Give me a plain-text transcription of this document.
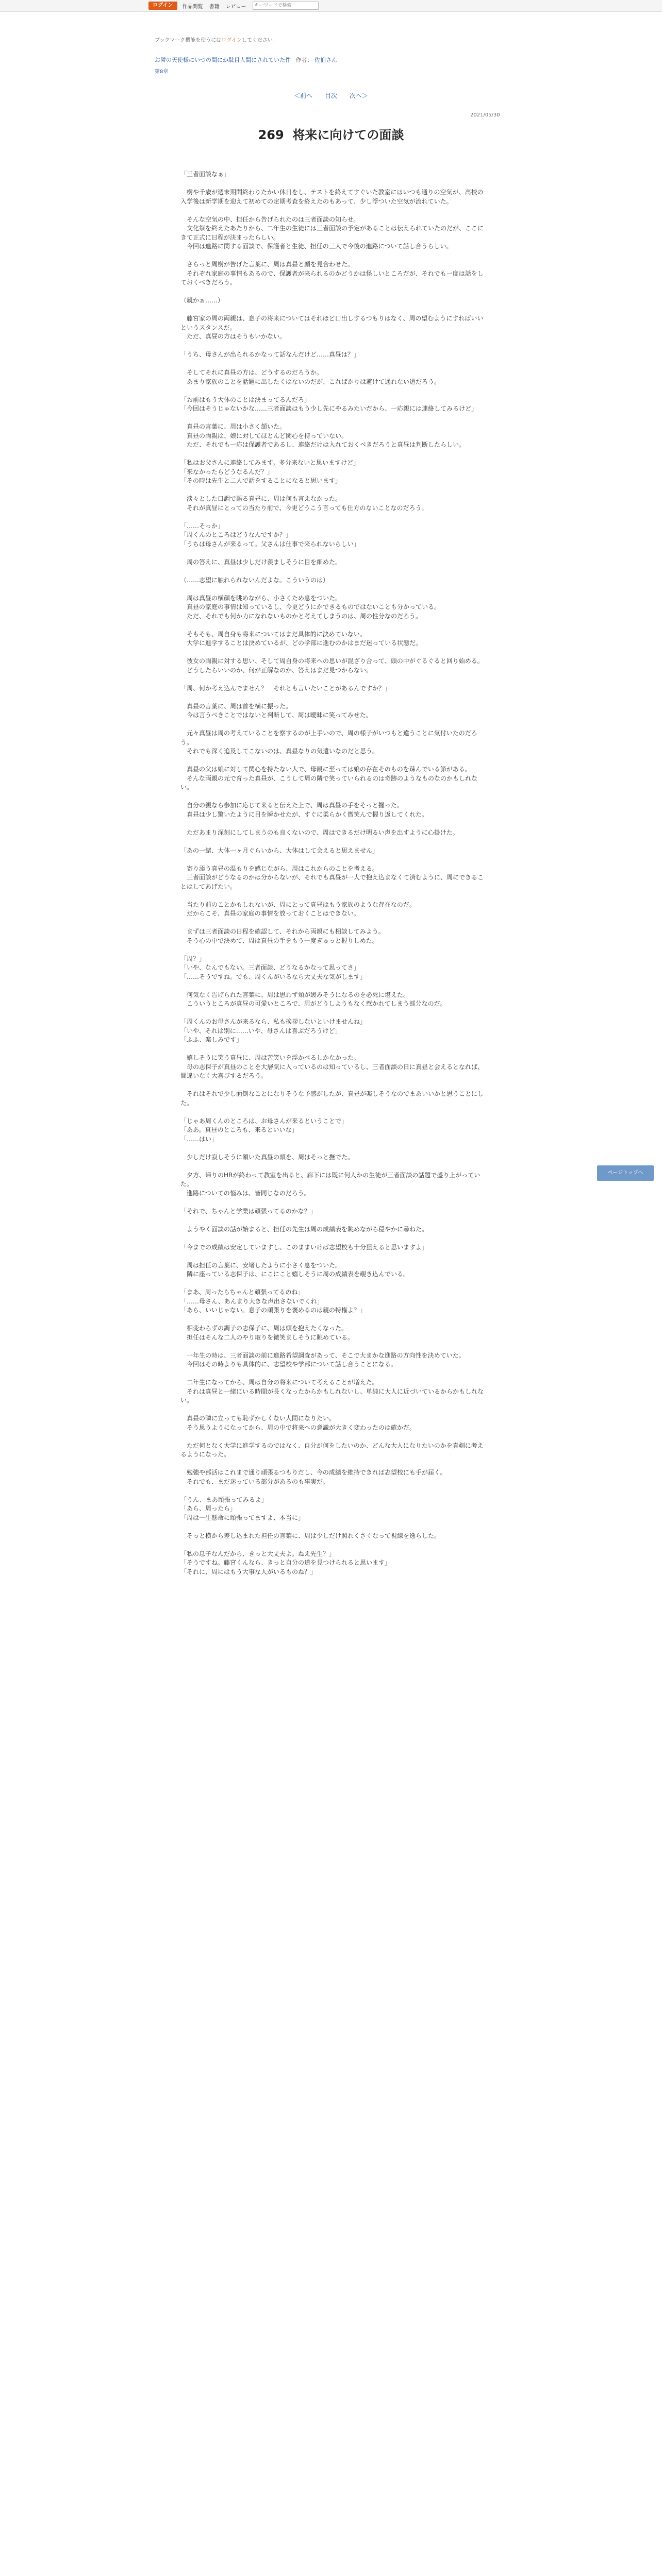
ログイン	作品閲覧 書籍 レビュー
キーワードで検索
ブックマーク機能を使うにはログインしてください。
お隣の天使様にいつの間にか駄目人間にされていた件 作者： 佐伯さん
第8章
＜前へ 目次 次へ＞
2021/05/30
269 将来に向けての面談

「三者面談なぁ」

　樹や千歳が週末期間終わりたかい休日をし、テストを終えてすぐいた教室にはいつも通りの空気が、高校の入学後は新学期を迎えて初めての定期考査を終えたのもあって、少し浮ついた空気が流れていた。

　そんな空気の中、担任から告げられたのは三者面談の知らせ。
　文化祭を終えたあたりから、二年生の生徒には三者面談の予定があることは伝えられていたのだが、ここにきて正式に日程が決まったらしい。
　今回は進路に関する面談で、保護者と生徒、担任の三人で今後の進路について話し合うらしい。

　さらっと周樹が告げた言葉に、周は真昼と顔を見合わせた。
　それぞれ家庭の事情もあるので、保護者が来られるのかどうかは怪しいところだが、それでも一度は話をしておくべきだろう。

（親かぁ……）

　藤宮家の周の両親は、息子の将来についてはそれほど口出しするつもりはなく、周の望むようにすればいいというスタンスだ。
　ただ、真昼の方はそうもいかない。

「うち、母さんが出られるかなって話なんだけど……真昼は？」

　そしてそれに真昼の方は、どうするのだろうか。
　あまり家族のことを話題に出したくはないのだが、こればかりは避けて通れない道だろう。

「お前はもう大体のことは決まってるんだろ」
「今回はそうじゃないかな……三者面談はもう少し先にやるみたいだから、一応親には連絡してみるけど」

　真昼の言葉に、周は小さく頷いた。
　真昼の両親は、娘に対してほとんど関心を持っていない。
　ただ、それでも一応は保護者であるし、連絡だけは入れておくべきだろうと真昼は判断したらしい。

「私はお父さんに連絡してみます。多分来ないと思いますけど」
「来なかったらどうなるんだ？」
「その時は先生と二人で話をすることになると思います」

　淡々とした口調で語る真昼に、周は何も言えなかった。
　それが真昼にとっての当たり前で、今更どうこう言っても仕方のないことなのだろう。

「……そっか」
「周くんのところはどうなんですか？」
「うちは母さんが来るって。父さんは仕事で来られないらしい」

　周の答えに、真昼は少しだけ羨ましそうに目を細めた。

（……志望に触れられないんだよな。こういうのは）

　周は真昼の横顔を眺めながら、小さくため息をついた。
　真昼の家庭の事情は知っているし、今更どうにかできるものではないことも分かっている。
　ただ、それでも何か力になれないものかと考えてしまうのは、周の性分なのだろう。

　そもそも、周自身も将来についてはまだ具体的に決めていない。
　大学に進学することは決めているが、どの学部に進むのかはまだ迷っている状態だ。

　彼女の両親に対する思い、そして周自身の将来への思いが混ざり合って、頭の中がぐるぐると回り始める。
　どうしたらいいのか、何が正解なのか、答えはまだ見つからない。

「周、何か考え込んでません？　それとも言いたいことがあるんですか？」

　真昼の言葉に、周は首を横に振った。
　今は言うべきことではないと判断して、周は曖昧に笑ってみせた。

　元々真昼は周の考えていることを察するのが上手いので、周の様子がいつもと違うことに気付いたのだろう。
　それでも深く追及してこないのは、真昼なりの気遣いなのだと思う。

　真昼の父は娘に対して関心を持たない人で、母親に至っては娘の存在そのものを疎んでいる節がある。
　そんな両親の元で育った真昼が、こうして周の隣で笑っていられるのは奇跡のようなものなのかもしれない。

　自分の親なら参加に応じて来ると伝えた上で、周は真昼の手をそっと握った。
　真昼は少し驚いたように目を瞬かせたが、すぐに柔らかく微笑んで握り返してくれた。

　ただあまり深刻にしてしまうのも良くないので、周はできるだけ明るい声を出すように心掛けた。

「あの一緒、大体一ヶ月ぐらいから、大体はして会えると思えません」

　寄り添う真昼の温もりを感じながら、周はこれからのことを考える。
　三者面談がどうなるのかは分からないが、それでも真昼が一人で抱え込まなくて済むように、周にできることはしてあげたい。

　当たり前のことかもしれないが、周にとって真昼はもう家族のような存在なのだ。
　だからこそ、真昼の家庭の事情を放っておくことはできない。

　まずは三者面談の日程を確認して、それから両親にも相談してみよう。
　そう心の中で決めて、周は真昼の手をもう一度ぎゅっと握りしめた。

「周？」
「いや、なんでもない。三者面談、どうなるかなって思ってさ」
「……そうですね。でも、周くんがいるなら大丈夫な気がします」

　何気なく告げられた言葉に、周は思わず頬が緩みそうになるのを必死に堪えた。
　こういうところが真昼の可愛いところで、周がどうしようもなく惹かれてしまう部分なのだ。

「周くんのお母さんが来るなら、私も挨拶しないといけませんね」
「いや、それは別に……いや、母さんは喜ぶだろうけど」
「ふふ、楽しみです」

　嬉しそうに笑う真昼に、周は苦笑いを浮かべるしかなかった。
　母の志保子が真昼のことを大層気に入っているのは知っているし、三者面談の日に真昼と会えるとなれば、間違いなく大喜びするだろう。

　それはそれで少し面倒なことになりそうな予感がしたが、真昼が楽しそうなのでまあいいかと思うことにした。

「じゃあ周くんのところは、お母さんが来るということで」
「ああ。真昼のところも、来るといいな」
「……はい」

　少しだけ寂しそうに頷いた真昼の頭を、周はそっと撫でた。

　夕方、帰りのHRが終わって教室を出ると、廊下には既に何人かの生徒が三者面談の話題で盛り上がっていた。
　進路についての悩みは、皆同じなのだろう。

「それで、ちゃんと学業は頑張ってるのかな？」

　ようやく面談の話が始まると、担任の先生は周の成績表を眺めながら穏やかに尋ねた。

「今までの成績は安定していますし、このままいけば志望校も十分狙えると思いますよ」

　周は担任の言葉に、安堵したように小さく息をついた。
　隣に座っている志保子は、にこにこと嬉しそうに周の成績表を覗き込んでいる。

「まあ、周ったらちゃんと頑張ってるのね」
「……母さん、あんまり大きな声出さないでくれ」
「あら、いいじゃない。息子の頑張りを褒めるのは親の特権よ？」

　相変わらずの調子の志保子に、周は頭を抱えたくなった。
　担任はそんな二人のやり取りを微笑ましそうに眺めている。

　一年生の時は、三者面談の前に進路希望調査があって、そこで大まかな進路の方向性を決めていた。
　今回はその時よりも具体的に、志望校や学部について話し合うことになる。

　二年生になってから、周は自分の将来について考えることが増えた。
　それは真昼と一緒にいる時間が長くなったからかもしれないし、単純に大人に近づいているからかもしれない。

　真昼の隣に立っても恥ずかしくない人間になりたい。
　そう思うようになってから、周の中で将来への意識が大きく変わったのは確かだ。

　ただ何となく大学に進学するのではなく、自分が何をしたいのか、どんな大人になりたいのかを真剣に考えるようになった。

　勉強や部活はこれまで通り頑張るつもりだし、今の成績を維持できれば志望校にも手が届く。
　それでも、まだ迷っている部分があるのも事実だ。

「うん、まあ頑張ってみるよ」
「あら、周ったら」
「周は一生懸命に頑張ってますよ、本当に」

　そっと横から差し込まれた担任の言葉に、周は少しだけ照れくさくなって視線を逸らした。

「私の息子なんだから、きっと大丈夫よ。ねえ先生？」
「そうですね。藤宮くんなら、きっと自分の道を見つけられると思います」
「それに、周にはもう大事な人がいるものね？」

ページトップへ
